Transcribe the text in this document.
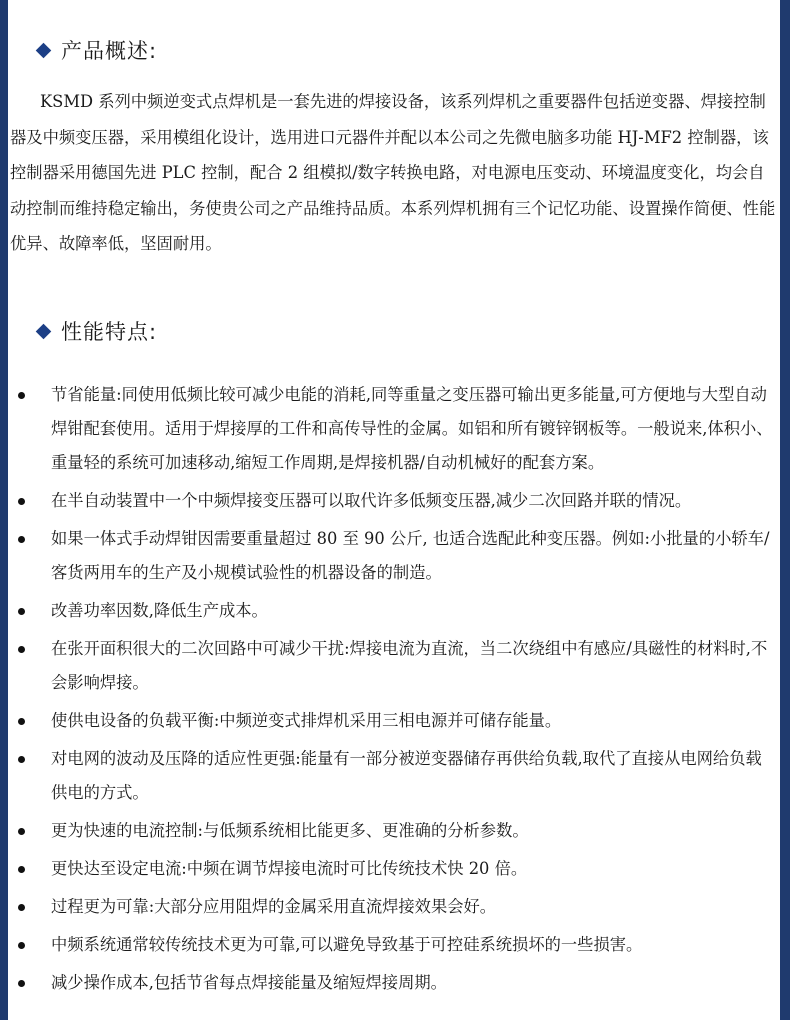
产品概述:

KSMD 系列中频逆变式点焊机是一套先进的焊接设备，该系列焊机之重要器件包括逆变器、焊接控制器及中频变压器，采用模组化设计，选用进口元器件并配以本公司之先微电脑多功能 HJ-MF2 控制器，该控制器采用德国先进 PLC 控制，配合 2 组模拟/数字转换电路，对电源电压变动、环境温度变化，均会自动控制而维持稳定输出，务使贵公司之产品维持品质。本系列焊机拥有三个记忆功能、设置操作简便、性能优异、故障率低，坚固耐用。

性能特点:
节省能量:同使用低频比较可减少电能的消耗,同等重量之变压器可输出更多能量,可方便地与大型自动焊钳配套使用。适用于焊接厚的工件和高传导性的金属。如铝和所有镀锌钢板等。一般说来,体积小、重量轻的系统可加速移动,缩短工作周期,是焊接机器/自动机械好的配套方案。
在半自动装置中一个中频焊接变压器可以取代许多低频变压器,减少二次回路并联的情况。
如果一体式手动焊钳因需要重量超过 80 至 90 公斤, 也适合选配此种变压器。例如:小批量的小轿车/客货两用车的生产及小规模试验性的机器设备的制造。
改善功率因数,降低生产成本。
在张开面积很大的二次回路中可减少干扰:焊接电流为直流，当二次绕组中有感应/具磁性的材料时,不会影响焊接。
使供电设备的负载平衡:中频逆变式排焊机采用三相电源并可储存能量。
对电网的波动及压降的适应性更强:能量有一部分被逆变器储存再供给负载,取代了直接从电网给负载供电的方式。
更为快速的电流控制:与低频系统相比能更多、更准确的分析参数。
更快达至设定电流:中频在调节焊接电流时可比传统技术快 20 倍。
过程更为可靠:大部分应用阻焊的金属采用直流焊接效果会好。
中频系统通常较传统技术更为可靠,可以避免导致基于可控硅系统损坏的一些损害。
减少操作成本,包括节省每点焊接能量及缩短焊接周期。
